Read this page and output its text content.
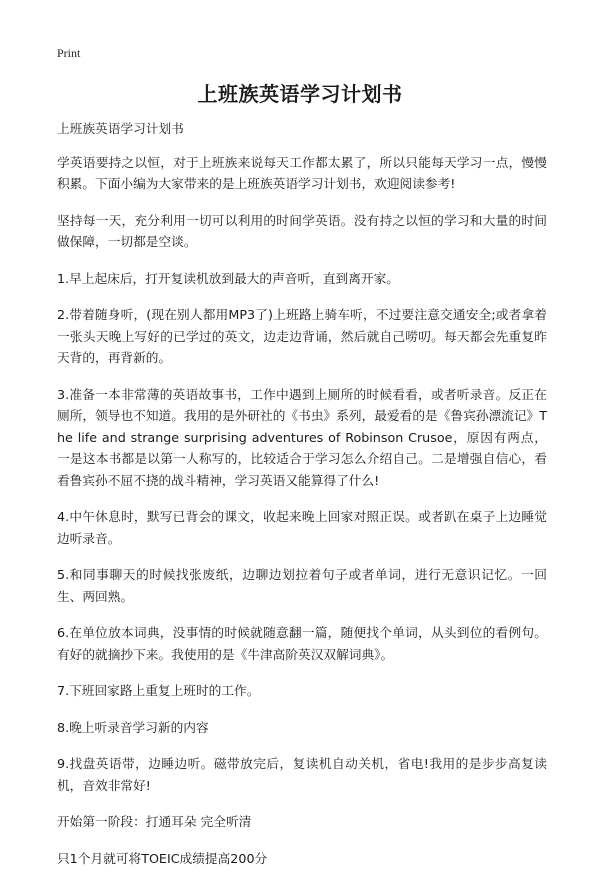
Print
上班族英语学习计划书

上班族英语学习计划书

学英语要持之以恒，对于上班族来说每天工作都太累了，所以只能每天学习一点，慢慢积累。下面小编为大家带来的是上班族英语学习计划书，欢迎阅读参考!

坚持每一天，充分利用一切可以利用的时间学英语。没有持之以恒的学习和大量的时间做保障，一切都是空谈。

1.早上起床后，打开复读机放到最大的声音听，直到离开家。

2.带着随身听，(现在别人都用MP3了)上班路上骑车听，不过要注意交通安全;或者拿着一张头天晚上写好的已学过的英文，边走边背诵，然后就自己唠叨。每天都会先重复昨天背的，再背新的。

3.准备一本非常薄的英语故事书，工作中遇到上厕所的时候看看，或者听录音。反正在厕所，领导也不知道。我用的是外研社的《书虫》系列，最爱看的是《鲁宾孙漂流记》The life and strange surprising adventures of Robinson Crusoe，原因有两点，一是这本书都是以第一人称写的，比较适合于学习怎么介绍自己。二是增强自信心，看看鲁宾孙不屈不挠的战斗精神，学习英语又能算得了什么!

4.中午休息时，默写已背会的课文，收起来晚上回家对照正误。或者趴在桌子上边睡觉边听录音。

5.和同事聊天的时候找张废纸，边聊边划拉着句子或者单词，进行无意识记忆。一回生、两回熟。

6.在单位放本词典，没事情的时候就随意翻一篇，随便找个单词，从头到位的看例句。有好的就摘抄下来。我使用的是《牛津高阶英汉双解词典》。

7.下班回家路上重复上班时的工作。

8.晚上听录音学习新的内容

9.找盘英语带，边睡边听。磁带放完后，复读机自动关机，省电!我用的是步步高复读机，音效非常好!

开始第一阶段：打通耳朵 完全听清

只1个月就可将TOEIC成绩提高200分
